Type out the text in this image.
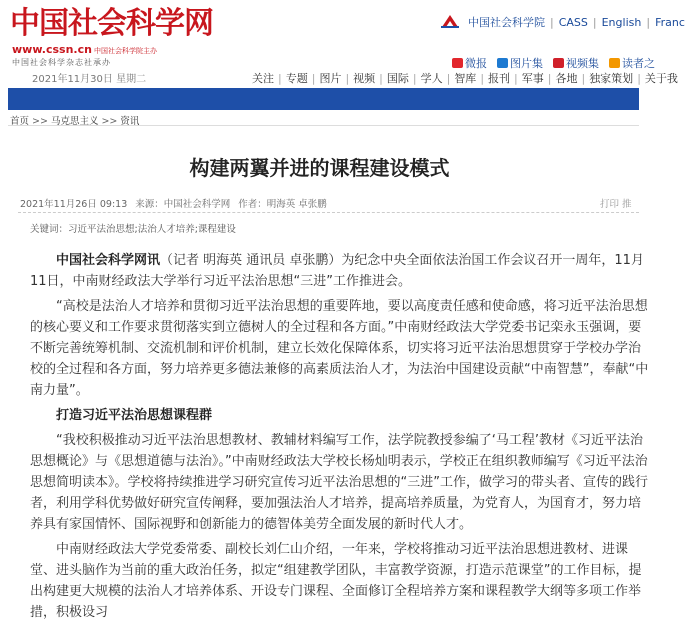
中国社会科学网
www.cssn.cn 中国社会科学院主办
中国社会科学杂志社承办
2021年11月30日 星期二
中国社会科学院 | CASS | English | Franc
微报 图片集 视频集 读者之
关注 | 专题 | 图片 | 视频 | 国际 | 学人 | 智库 | 报刊 | 军事 | 各地 | 独家策划 | 关于我
首页 >> 马克思主义 >> 资讯
构建两翼并进的课程建设模式
2021年11月26日 09:13 来源：中国社会科学网 作者：明海英 卓张鹏	打印 推
关键词：习近平法治思想;法治人才培养;课程建设

中国社会科学网讯（记者 明海英 通讯员 卓张鹏）为纪念中央全面依法治国工作会议召开一周年，11月11日，中南财经政法大学举行习近平法治思想“三进”工作推进会。

“高校是法治人才培养和贯彻习近平法治思想的重要阵地，要以高度责任感和使命感，将习近平法治思想的核心要义和工作要求贯彻落实到立德树人的全过程和各方面。”中南财经政法大学党委书记栾永玉强调，要不断完善统筹机制、交流机制和评价机制，建立长效化保障体系，切实将习近平法治思想贯穿于学校办学治校的全过程和各方面，努力培养更多德法兼修的高素质法治人才，为法治中国建设贡献“中南智慧”，奉献“中南力量”。

打造习近平法治思想课程群

“我校积极推动习近平法治思想教材、教辅材料编写工作，法学院教授参编了‘马工程’教材《习近平法治思想概论》与《思想道德与法治》。”中南财经政法大学校长杨灿明表示，学校正在组织教师编写《习近平法治思想简明读本》。学校将持续推进学习研究宣传习近平法治思想的“三进”工作，做学习的带头者、宣传的践行者，利用学科优势做好研究宣传阐释，要加强法治人才培养，提高培养质量，为党育人，为国育才，努力培养具有家国情怀、国际视野和创新能力的德智体美劳全面发展的新时代人才。

中南财经政法大学党委常委、副校长刘仁山介绍，一年来，学校将推动习近平法治思想进教材、进课堂、进头脑作为当前的重大政治任务，拟定“组建教学团队，丰富教学资源，打造示范课堂”的工作目标，提出构建更大规模的法治人才培养体系、开设专门课程、全面修订全程培养方案和课程教学大纲等多项工作举措，积极设习
